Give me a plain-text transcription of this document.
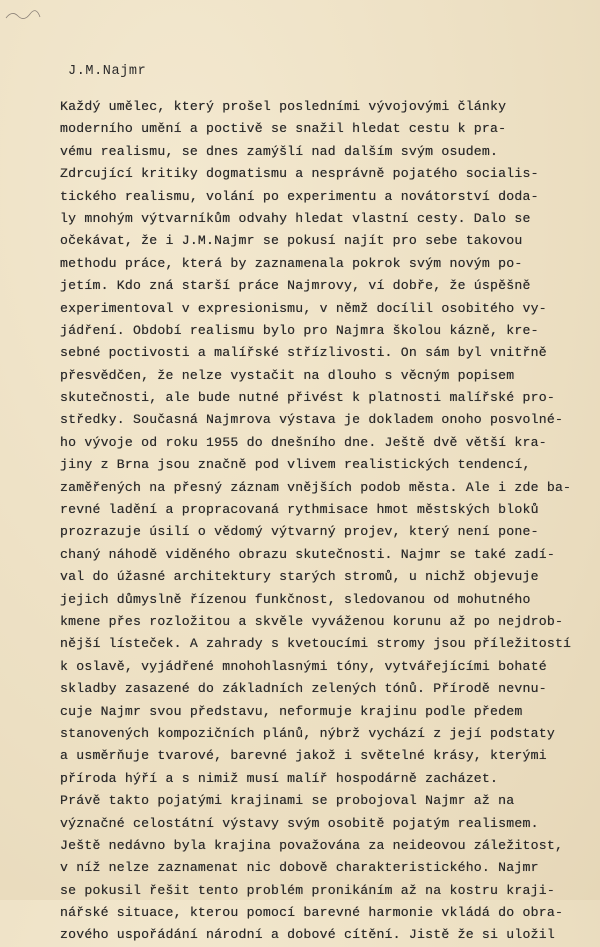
J.M.Najmr
Každý umělec, který prošel posledními vývojovými články
moderního umění a poctivě se snažil hledat cestu k pra-
vému realismu, se dnes zamýšlí nad dalším svým osudem.
Zdrcující kritiky dogmatismu a nesprávně pojatého socialis-
tického realismu, volání po experimentu a novátorství doda-
ly mnohým výtvarníkům odvahy hledat vlastní cesty. Dalo se
očekávat, že i J.M.Najmr se pokusí najít pro sebe takovou
methodu práce, která by zaznamenala pokrok svým novým po-
jetím. Kdo zná starší práce Najmrovy, ví dobře, že úspěšně
experimentoval v expresionismu, v němž docílil osobitého vy-
jádření. Období realismu bylo pro Najmra školou kázně, kre-
sebné poctivosti a malířské střízlivosti. On sám byl vnitřně
přesvědčen, že nelze vystačit na dlouho s věcným popisem
skutečnosti, ale bude nutné přivést k platnosti malířské pro-
středky. Současná Najmrova výstava je dokladem onoho posvolné-
ho vývoje od roku 1955 do dnešního dne. Ještě dvě větší kra-
jiny z Brna jsou značně pod vlivem realistických tendencí,
zaměřených na přesný záznam vnějších podob města. Ale i zde ba-
revné ladění a propracovaná rythmisace hmot městských bloků
prozrazuje úsilí o vědomý výtvarný projev, který není pone-
chaný náhodě viděného obrazu skutečnosti. Najmr se také zadí-
val do úžasné architektury starých stromů, u nichž objevuje
jejich důmyslně řízenou funkčnost, sledovanou od mohutného
kmene přes rozložitou a skvěle vyváženou korunu až po nejdrob-
nější lísteček. A zahrady s kvetoucími stromy jsou příležitostí
k oslavě, vyjádřené mnohohlasnými tóny, vytvářejícími bohaté
skladby zasazené do základních zelených tónů. Přírodě nevnu-
cuje Najmr svou představu, neformuje krajinu podle předem
stanovených kompozičních plánů, nýbrž vychází z její podstaty
a usměrňuje tvarové, barevné jakož i světelné krásy, kterými
příroda hýří a s nimiž musí malíř hospodárně zacházet.
Právě takto pojatými krajinami se probojoval Najmr až na
význačné celostátní výstavy svým osobitě pojatým realismem.
Ještě nedávno byla krajina považována za neideovou záležitost,
v níž nelze zaznamenat nic dobově charakteristického. Najmr
se pokusil řešit tento problém pronikáním až na kostru kraji-
nářské situace, kterou pomocí barevné harmonie vkládá do obra-
zového uspořádání národní a dobové cítění. Jistě že si uložil
